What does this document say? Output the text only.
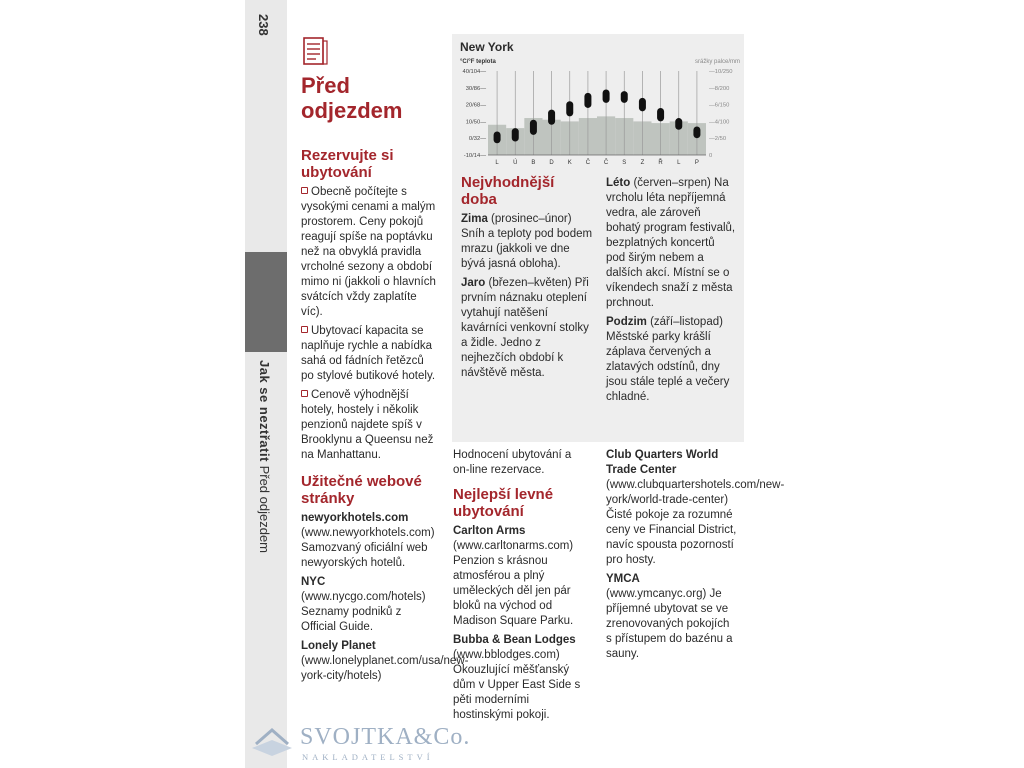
238
Jak se neztřatit Před odjezdem
Před
odjezdem
Rezervujte si ubytování

Obecně počítejte s vysokými cenami a malým prostorem. Ceny pokojů reagují spíše na poptávku než na obvyklá pravidla vrcholné sezony a období mimo ni (jakkoli o hlavních svátcích vždy zaplatíte víc).

Ubytovací kapacita se naplňuje rychle a nabídka sahá od fádních řetězců po stylové butikové hotely.

Cenově výhodnější hotely, hostely i několik penzionů najdete spíš v Brooklynu a Queensu než na Manhattanu.

Užitečné webové stránky

newyorkhotels.com (www.newyorkhotels.com) Samozvaný oficiální web newyorských hotelů.

NYC (www.nycgo.com/hotels) Seznamy podniků z Official Guide.

Lonely Planet (www.lonelyplanet.com/usa/new-york-city/hotels)

New York
°C/°F teplota	srážky palce/mm
40/104—
30/86—
20/68—
10/50—
0/32—
-10/14—
—10/250
—8/200
—6/150
—4/100
—2/50
0
L Ú B D K Č Č S Z Ř L P
Nejvhodnější doba

Zima (prosinec–únor) Sníh a teploty pod bodem mrazu (jakkoli ve dne bývá jasná obloha).

Jaro (březen–květen) Při prvním náznaku oteplení vytahují natěšení kavárníci venkovní stolky a židle. Jedno z nejhezčích období k návštěvě města.

Léto (červen–srpen) Na vrcholu léta nepříjemná vedra, ale zároveň bohatý program festivalů, bezplatných koncertů pod širým nebem a dalších akcí. Místní se o víkendech snaží z města prchnout.

Podzim (září–listopad) Městské parky krášlí záplava červených a zlatavých odstínů, dny jsou stále teplé a večery chladné.

Hodnocení ubytování a on-line rezervace.

Nejlepší levné ubytování

Carlton Arms (www.carltonarms.com) Penzion s krásnou atmosférou a plný uměleckých děl jen pár bloků na východ od Madison Square Parku.

Bubba & Bean Lodges (www.bblodges.com) Okouzlující měšťanský dům v Upper East Side s pěti moderními hostinskými pokoji.

Club Quarters World Trade Center (www.clubquartershotels.com/new-york/world-trade-center) Čisté pokoje za rozumné ceny ve Financial District, navíc spousta pozorností pro hosty.

YMCA (www.ymcanyc.org) Je příjemné ubytovat se ve zrenovovaných pokojích s přístupem do bazénu a sauny.

SVOJTKA&Co.
NAKLADATELSTVÍ
